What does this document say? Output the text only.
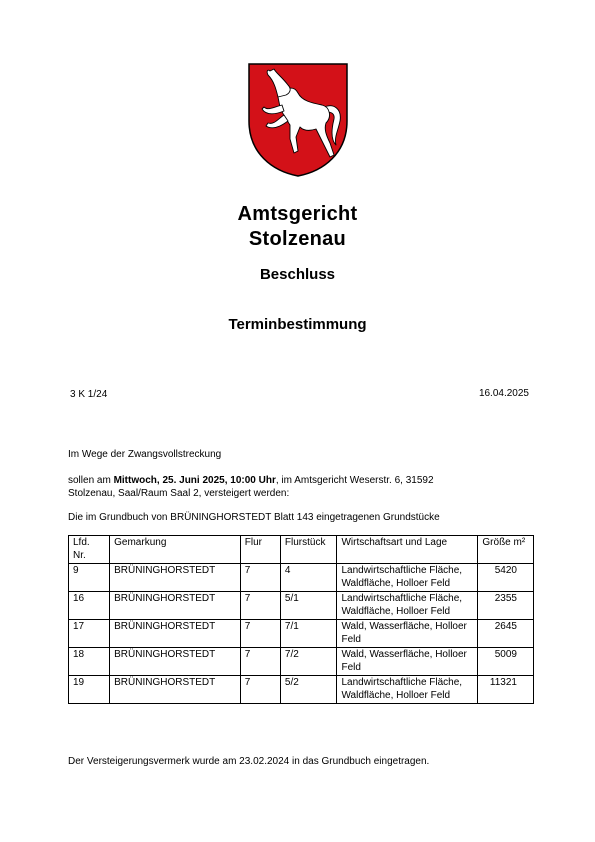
Amtsgericht
Stolzenau
Beschluss
Terminbestimmung
3 K 1/24	16.04.2025
Im Wege der Zwangsvollstreckung
sollen am Mittwoch, 25. Juni 2025, 10:00 Uhr, im Amtsgericht Weserstr. 6, 31592 Stolzenau, Saal/Raum Saal 2, versteigert werden:
Die im Grundbuch von BRÜNINGHORSTEDT Blatt 143 eingetragenen Grundstücke
Lfd. Nr.	Gemarkung	Flur	Flurstück	Wirtschaftsart und Lage	Größe m²
9	BRÜNINGHORSTEDT	7	4	Landwirtschaftliche Fläche, Waldfläche, Holloer Feld	5420
16	BRÜNINGHORSTEDT	7	5/1	Landwirtschaftliche Fläche, Waldfläche, Holloer Feld	2355
17	BRÜNINGHORSTEDT	7	7/1	Wald, Wasserfläche, Holloer Feld	2645
18	BRÜNINGHORSTEDT	7	7/2	Wald, Wasserfläche, Holloer Feld	5009
19	BRÜNINGHORSTEDT	7	5/2	Landwirtschaftliche Fläche, Waldfläche, Holloer Feld	11321
Der Versteigerungsvermerk wurde am 23.02.2024 in das Grundbuch eingetragen.
